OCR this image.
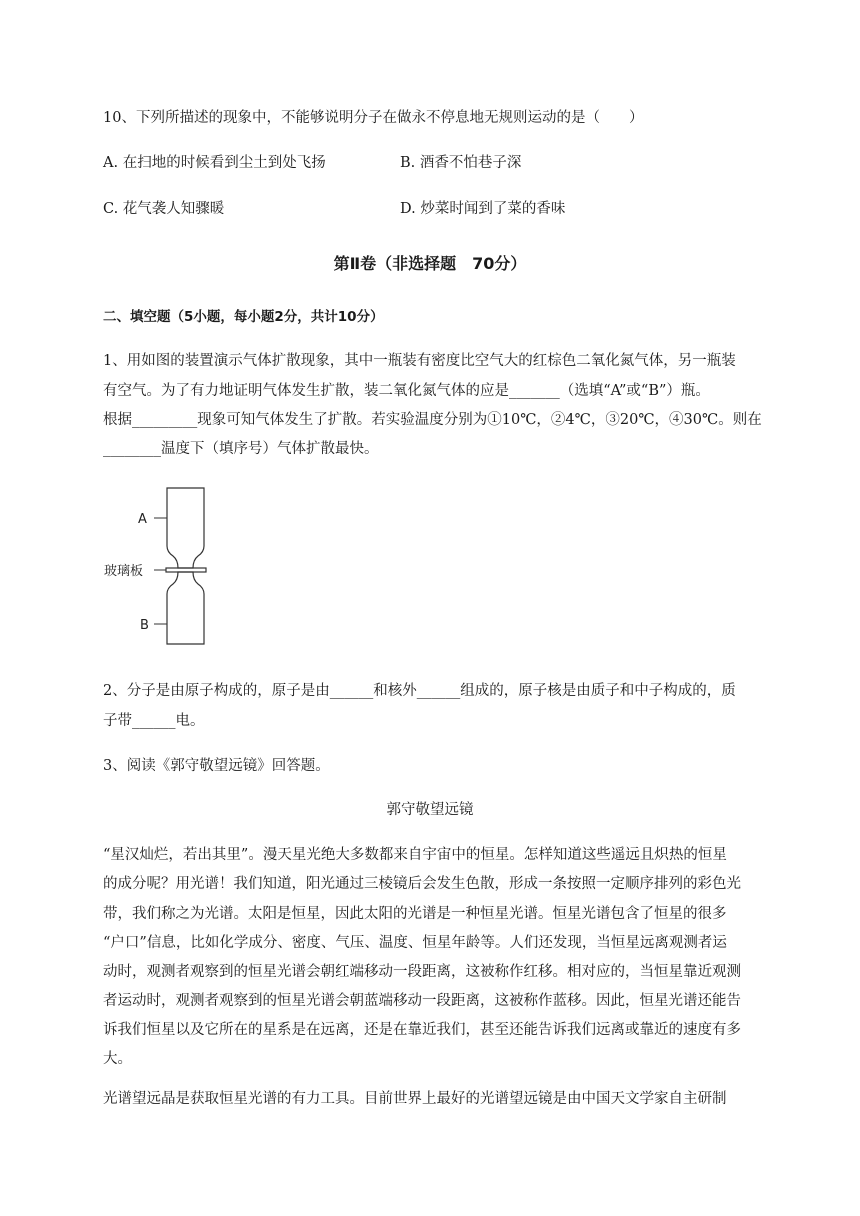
10、下列所描述的现象中，不能够说明分子在做永不停息地无规则运动的是（　　）
A. 在扫地的时候看到尘土到处飞扬	B. 酒香不怕巷子深
C. 花气袭人知骤暖	D. 炒菜时闻到了菜的香味
第Ⅱ卷（非选择题　70分）
二、填空题（5小题，每小题2分，共计10分）
1、用如图的装置演示气体扩散现象，其中一瓶装有密度比空气大的红棕色二氧化氮气体，另一瓶装
有空气。为了有力地证明气体发生扩散，装二氧化氮气体的应是_______（选填“A”或“B”）瓶。
根据_________现象可知气体发生了扩散。若实验温度分别为①10℃，②4℃，③20℃，④30℃。则在
________温度下（填序号）气体扩散最快。
A
玻璃板
B
2、分子是由原子构成的，原子是由______和核外______组成的，原子核是由质子和中子构成的，质
子带______电。
3、阅读《郭守敬望远镜》回答题。
郭守敬望远镜
“星汉灿烂，若出其里”。漫天星光绝大多数都来自宇宙中的恒星。怎样知道这些遥远且炽热的恒星
的成分呢？用光谱！我们知道，阳光通过三棱镜后会发生色散，形成一条按照一定顺序排列的彩色光
带，我们称之为光谱。太阳是恒星，因此太阳的光谱是一种恒星光谱。恒星光谱包含了恒星的很多
“户口”信息，比如化学成分、密度、气压、温度、恒星年龄等。人们还发现，当恒星远离观测者运
动时，观测者观察到的恒星光谱会朝红端移动一段距离，这被称作红移。相对应的，当恒星靠近观测
者运动时，观测者观察到的恒星光谱会朝蓝端移动一段距离，这被称作蓝移。因此，恒星光谱还能告
诉我们恒星以及它所在的星系是在远离，还是在靠近我们，甚至还能告诉我们远离或靠近的速度有多
大。
光谱望远晶是获取恒星光谱的有力工具。目前世界上最好的光谱望远镜是由中国天文学家自主研制
